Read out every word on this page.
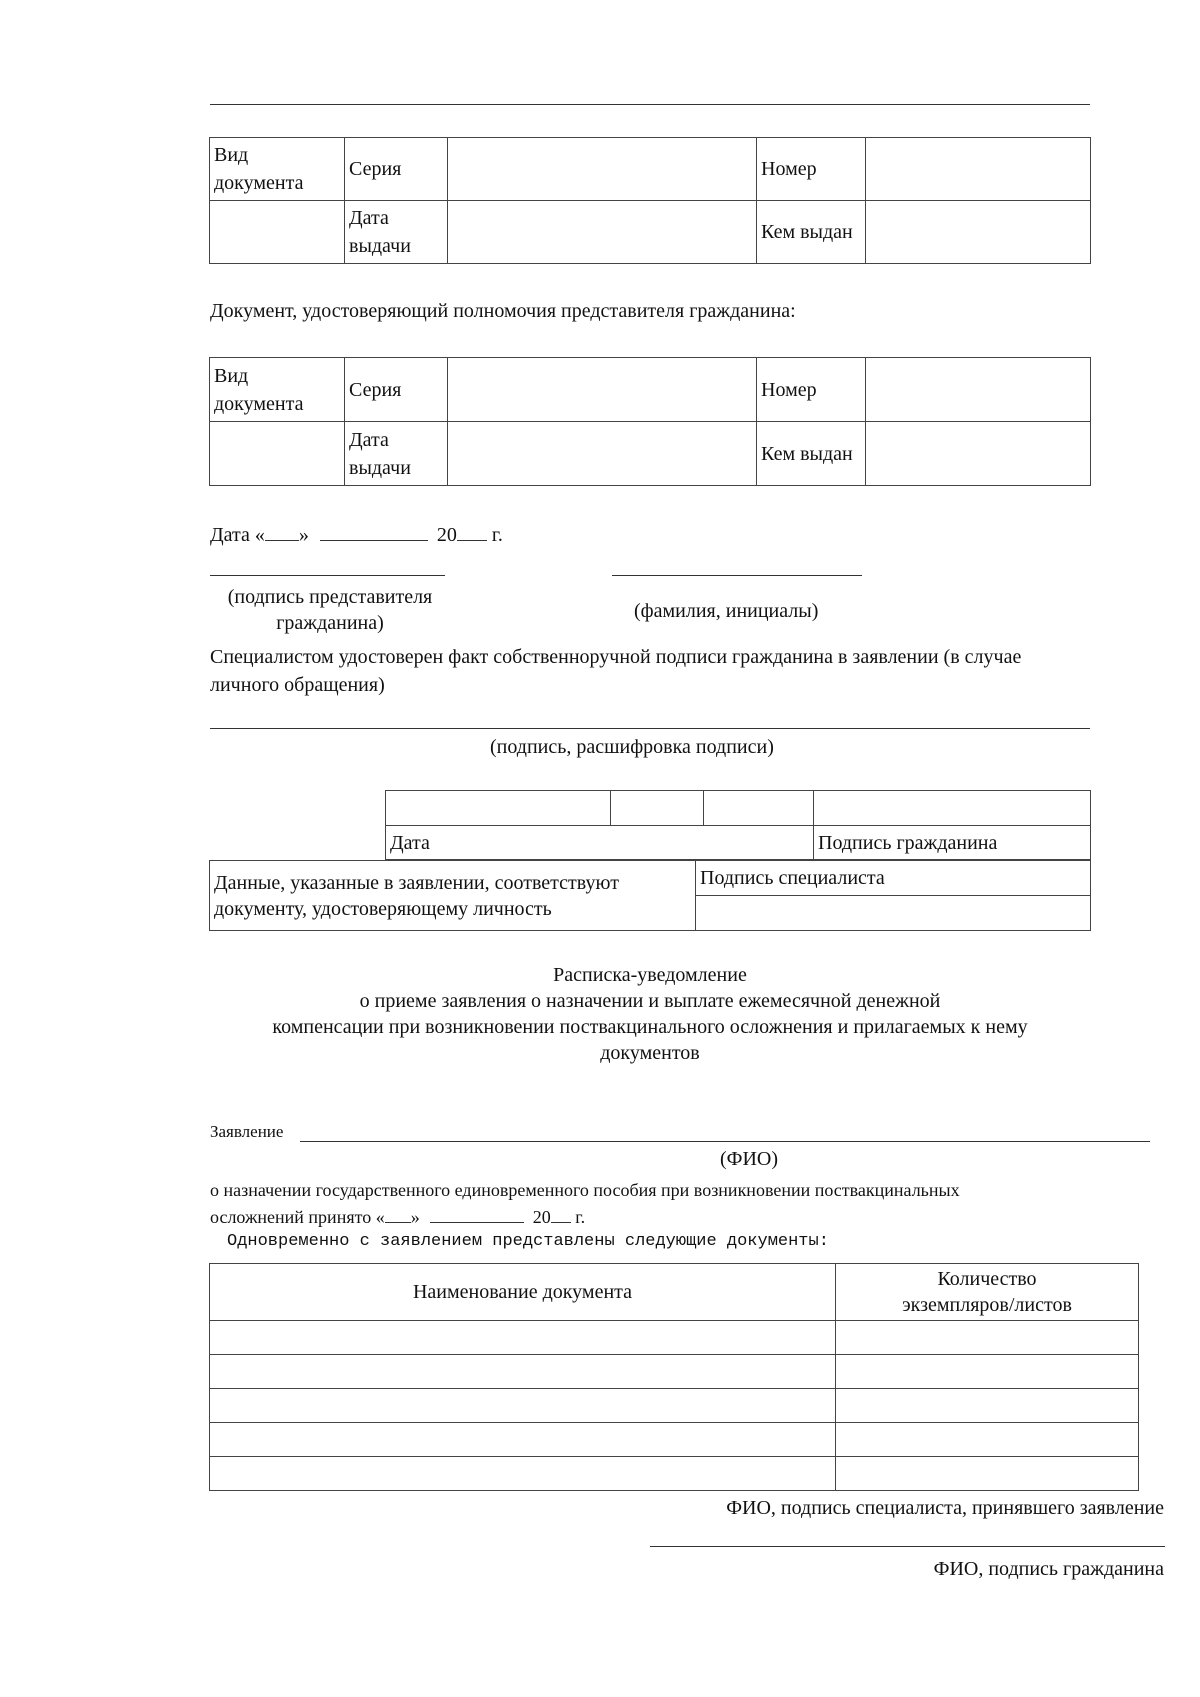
Вид документа	Серия		Номер	
	Дата выдачи		Кем выдан	
Документ, удостоверяющий полномочия представителя гражданина:
Вид документа	Серия		Номер	
	Дата выдачи		Кем выдан	
Дата « »	20 г.
(подпись представителя гражданина)
(фамилия, инициалы)
Специалистом удостоверен факт собственноручной подписи гражданина в заявлении (в случае личного обращения)
(подпись, расшифровка подписи)

Дата			Подпись гражданина
Данные, указанные в заявлении, соответствуют документу, удостоверяющему личность	Подпись специалиста

Расписка-уведомление
о приеме заявления о назначении и выплате ежемесячной денежной
компенсации при возникновении поствакцинального осложнения и прилагаемых к нему
документов
Заявление
(ФИО)
о назначении государственного единовременного пособия при возникновении поствакцинальных
осложнений принято « »	20 г.
Одновременно с заявлением представлены следующие документы:
Наименование документа	Количество
экземпляров/листов

ФИО, подпись специалиста, принявшего заявление
ФИО, подпись гражданина
